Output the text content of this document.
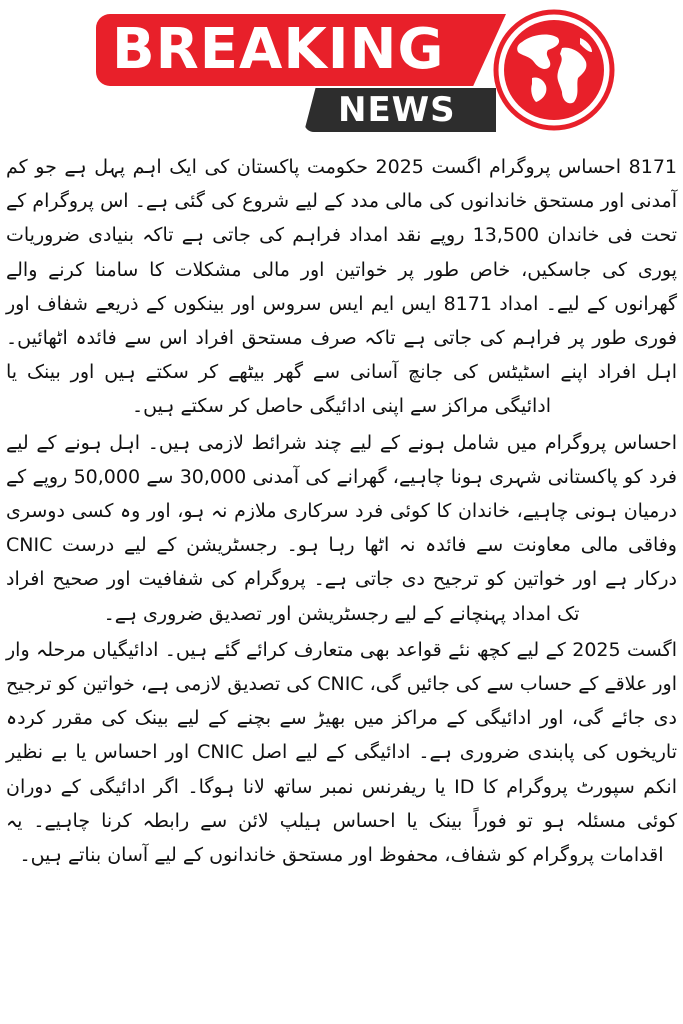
BREAKING
NEWS

8171 احساس پروگرام اگست 2025 حکومت پاکستان کی ایک اہم پہل ہے جو کم آمدنی اور مستحق خاندانوں کی مالی مدد کے لیے شروع کی گئی ہے۔ اس پروگرام کے تحت فی خاندان 13,500 روپے نقد امداد فراہم کی جاتی ہے تاکہ بنیادی ضروریات پوری کی جاسکیں، خاص طور پر خواتین اور مالی مشکلات کا سامنا کرنے والے گھرانوں کے لیے۔ امداد 8171 ایس ایم ایس سروس اور بینکوں کے ذریعے شفاف اور فوری طور پر فراہم کی جاتی ہے تاکہ صرف مستحق افراد اس سے فائدہ اٹھائیں۔ اہل افراد اپنے اسٹیٹس کی جانچ آسانی سے گھر بیٹھے کر سکتے ہیں اور بینک یا ادائیگی مراکز سے اپنی ادائیگی حاصل کر سکتے ہیں۔

احساس پروگرام میں شامل ہونے کے لیے چند شرائط لازمی ہیں۔ اہل ہونے کے لیے فرد کو پاکستانی شہری ہونا چاہیے، گھرانے کی آمدنی 30,000 سے 50,000 روپے کے درمیان ہونی چاہیے، خاندان کا کوئی فرد سرکاری ملازم نہ ہو، اور وہ کسی دوسری وفاقی مالی معاونت سے فائدہ نہ اٹھا رہا ہو۔ رجسٹریشن کے لیے درست CNIC درکار ہے اور خواتین کو ترجیح دی جاتی ہے۔ پروگرام کی شفافیت اور صحیح افراد تک امداد پہنچانے کے لیے رجسٹریشن اور تصدیق ضروری ہے۔

اگست 2025 کے لیے کچھ نئے قواعد بھی متعارف کرائے گئے ہیں۔ ادائیگیاں مرحلہ وار اور علاقے کے حساب سے کی جائیں گی، CNIC کی تصدیق لازمی ہے، خواتین کو ترجیح دی جائے گی، اور ادائیگی کے مراکز میں بھیڑ سے بچنے کے لیے بینک کی مقرر کردہ تاریخوں کی پابندی ضروری ہے۔ ادائیگی کے لیے اصل CNIC اور احساس یا بے نظیر انکم سپورٹ پروگرام کا ID یا ریفرنس نمبر ساتھ لانا ہوگا۔ اگر ادائیگی کے دوران کوئی مسئلہ ہو تو فوراً بینک یا احساس ہیلپ لائن سے رابطہ کرنا چاہیے۔ یہ اقدامات پروگرام کو شفاف، محفوظ اور مستحق خاندانوں کے لیے آسان بناتے ہیں۔
